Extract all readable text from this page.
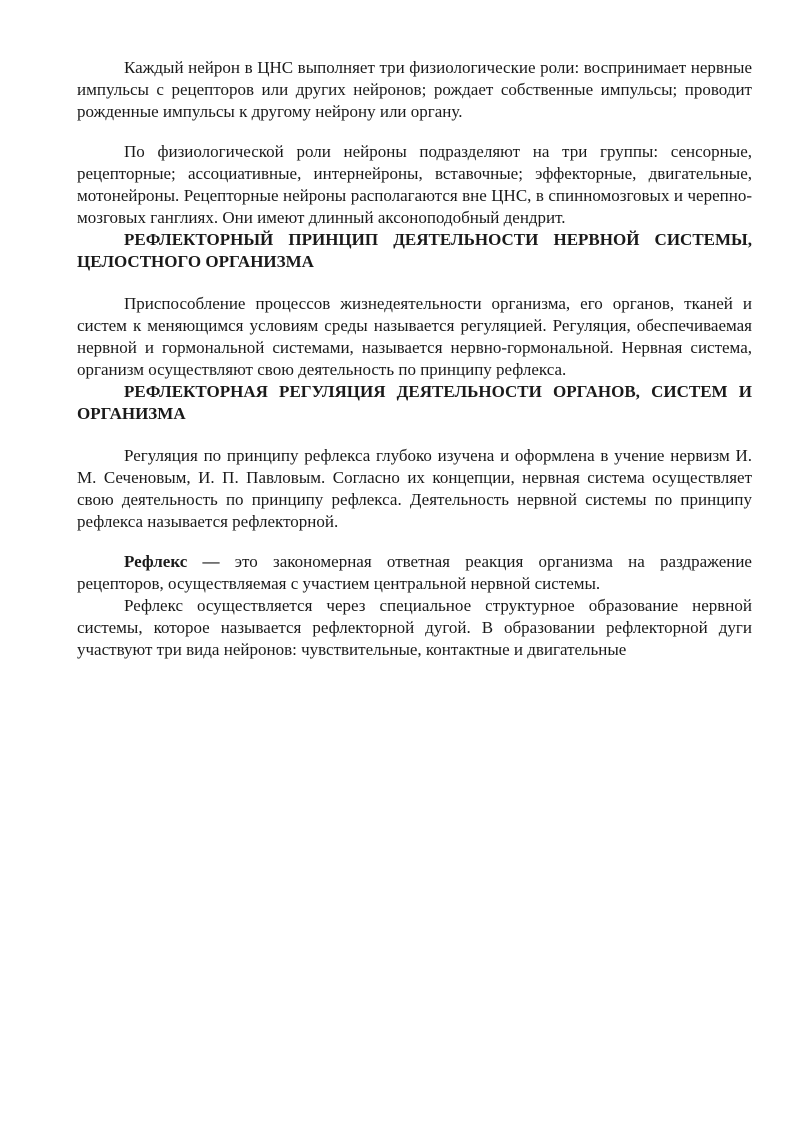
Каждый нейрон в ЦНС выполняет три физиологические роли: воспринимает нервные импульсы с рецепторов или других нейронов; рождает собственные импульсы; проводит рожденные импульсы к другому нейрону или органу.

По физиологической роли нейроны подразделяют на три группы: сенсорные, рецепторные; ассоциативные, интернейроны, вставочные; эффекторные, двигательные, мотонейроны. Рецепторные нейроны располагаются вне ЦНС, в спинномозговых и черепно-мозговых ганглиях. Они имеют длинный аксоноподобный дендрит.

РЕФЛЕКТОРНЫЙ ПРИНЦИП ДЕЯТЕЛЬНОСТИ НЕРВНОЙ СИСТЕМЫ, ЦЕЛОСТНОГО ОРГАНИЗМА

Приспособление процессов жизнедеятельности организма, его органов, тканей и систем к меняющимся условиям среды называется регуляцией. Регуляция, обеспечиваемая нервной и гормональной системами, называется нервно-гормональной. Нервная система, организм осуществляют свою деятельность по принципу рефлекса.

РЕФЛЕКТОРНАЯ РЕГУЛЯЦИЯ ДЕЯТЕЛЬНОСТИ ОРГАНОВ, СИСТЕМ И ОРГАНИЗМА

Регуляция по принципу рефлекса глубоко изучена и оформлена в учение нервизм И. М. Сеченовым, И. П. Павловым. Согласно их концепции, нервная система осуществляет свою деятельность по принципу рефлекса. Деятельность нервной системы по принципу рефлекса называется рефлекторной.

Рефлекс — это закономерная ответная реакция организма на раздражение рецепторов, осуществляемая с участием центральной нервной системы.

Рефлекс осуществляется через специальное структурное образование нервной системы, которое называется рефлекторной дугой. В образовании рефлекторной дуги участвуют три вида нейронов: чувствительные, контактные и двигательные
